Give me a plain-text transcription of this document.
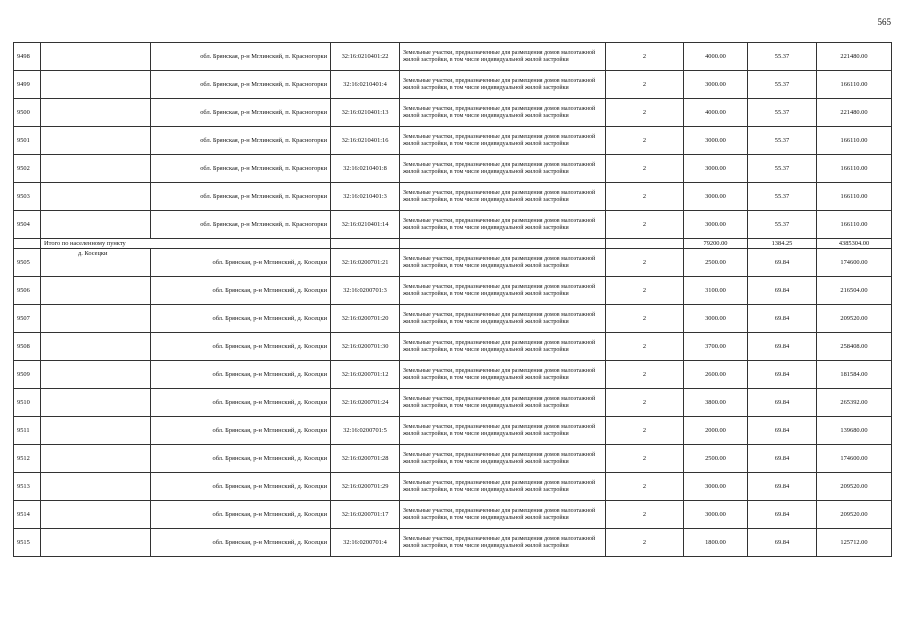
565
9498		обл. Брянская, р-н Мглинский, п. Красногорки	32:16:0210401:22	Земельные участки, предназначенные для размещения домов малоэтажной жилой застройки, в том числе индивидуальной жилой застройки	2	4000.00	55.37	221480.00
9499		обл. Брянская, р-н Мглинский, п. Красногорки	32:16:0210401:4	Земельные участки, предназначенные для размещения домов малоэтажной жилой застройки, в том числе индивидуальной жилой застройки	2	3000.00	55.37	166110.00
9500		обл. Брянская, р-н Мглинский, п. Красногорки	32:16:0210401:13	Земельные участки, предназначенные для размещения домов малоэтажной жилой застройки, в том числе индивидуальной жилой застройки	2	4000.00	55.37	221480.00
9501		обл. Брянская, р-н Мглинский, п. Красногорки	32:16:0210401:16	Земельные участки, предназначенные для размещения домов малоэтажной жилой застройки, в том числе индивидуальной жилой застройки	2	3000.00	55.37	166110.00
9502		обл. Брянская, р-н Мглинский, п. Красногорки	32:16:0210401:8	Земельные участки, предназначенные для размещения домов малоэтажной жилой застройки, в том числе индивидуальной жилой застройки	2	3000.00	55.37	166110.00
9503		обл. Брянская, р-н Мглинский, п. Красногорки	32:16:0210401:3	Земельные участки, предназначенные для размещения домов малоэтажной жилой застройки, в том числе индивидуальной жилой застройки	2	3000.00	55.37	166110.00
9504		обл. Брянская, р-н Мглинский, п. Красногорки	32:16:0210401:14	Земельные участки, предназначенные для размещения домов малоэтажной жилой застройки, в том числе индивидуальной жилой застройки	2	3000.00	55.37	166110.00
	Итого по населенному пункту					79200.00	1384.25	4385304.00
9505	д. Косецки	обл. Брянская, р-н Мглинский, д. Косецки	32:16:0200701:21	Земельные участки, предназначенные для размещения домов малоэтажной жилой застройки, в том числе индивидуальной жилой застройки	2	2500.00	69.84	174600.00
9506		обл. Брянская, р-н Мглинский, д. Косецки	32:16:0200701:3	Земельные участки, предназначенные для размещения домов малоэтажной жилой застройки, в том числе индивидуальной жилой застройки	2	3100.00	69.84	216504.00
9507		обл. Брянская, р-н Мглинский, д. Косецки	32:16:0200701:20	Земельные участки, предназначенные для размещения домов малоэтажной жилой застройки, в том числе индивидуальной жилой застройки	2	3000.00	69.84	209520.00
9508		обл. Брянская, р-н Мглинский, д. Косецки	32:16:0200701:30	Земельные участки, предназначенные для размещения домов малоэтажной жилой застройки, в том числе индивидуальной жилой застройки	2	3700.00	69.84	258408.00
9509		обл. Брянская, р-н Мглинский, д. Косецки	32:16:0200701:12	Земельные участки, предназначенные для размещения домов малоэтажной жилой застройки, в том числе индивидуальной жилой застройки	2	2600.00	69.84	181584.00
9510		обл. Брянская, р-н Мглинский, д. Косецки	32:16:0200701:24	Земельные участки, предназначенные для размещения домов малоэтажной жилой застройки, в том числе индивидуальной жилой застройки	2	3800.00	69.84	265392.00
9511		обл. Брянская, р-н Мглинский, д. Косецки	32:16:0200701:5	Земельные участки, предназначенные для размещения домов малоэтажной жилой застройки, в том числе индивидуальной жилой застройки	2	2000.00	69.84	139680.00
9512		обл. Брянская, р-н Мглинский, д. Косецки	32:16:0200701:28	Земельные участки, предназначенные для размещения домов малоэтажной жилой застройки, в том числе индивидуальной жилой застройки	2	2500.00	69.84	174600.00
9513		обл. Брянская, р-н Мглинский, д. Косецки	32:16:0200701:29	Земельные участки, предназначенные для размещения домов малоэтажной жилой застройки, в том числе индивидуальной жилой застройки	2	3000.00	69.84	209520.00
9514		обл. Брянская, р-н Мглинский, д. Косецки	32:16:0200701:17	Земельные участки, предназначенные для размещения домов малоэтажной жилой застройки, в том числе индивидуальной жилой застройки	2	3000.00	69.84	209520.00
9515		обл. Брянская, р-н Мглинский, д. Косецки	32:16:0200701:4	Земельные участки, предназначенные для размещения домов малоэтажной жилой застройки, в том числе индивидуальной жилой застройки	2	1800.00	69.84	125712.00
